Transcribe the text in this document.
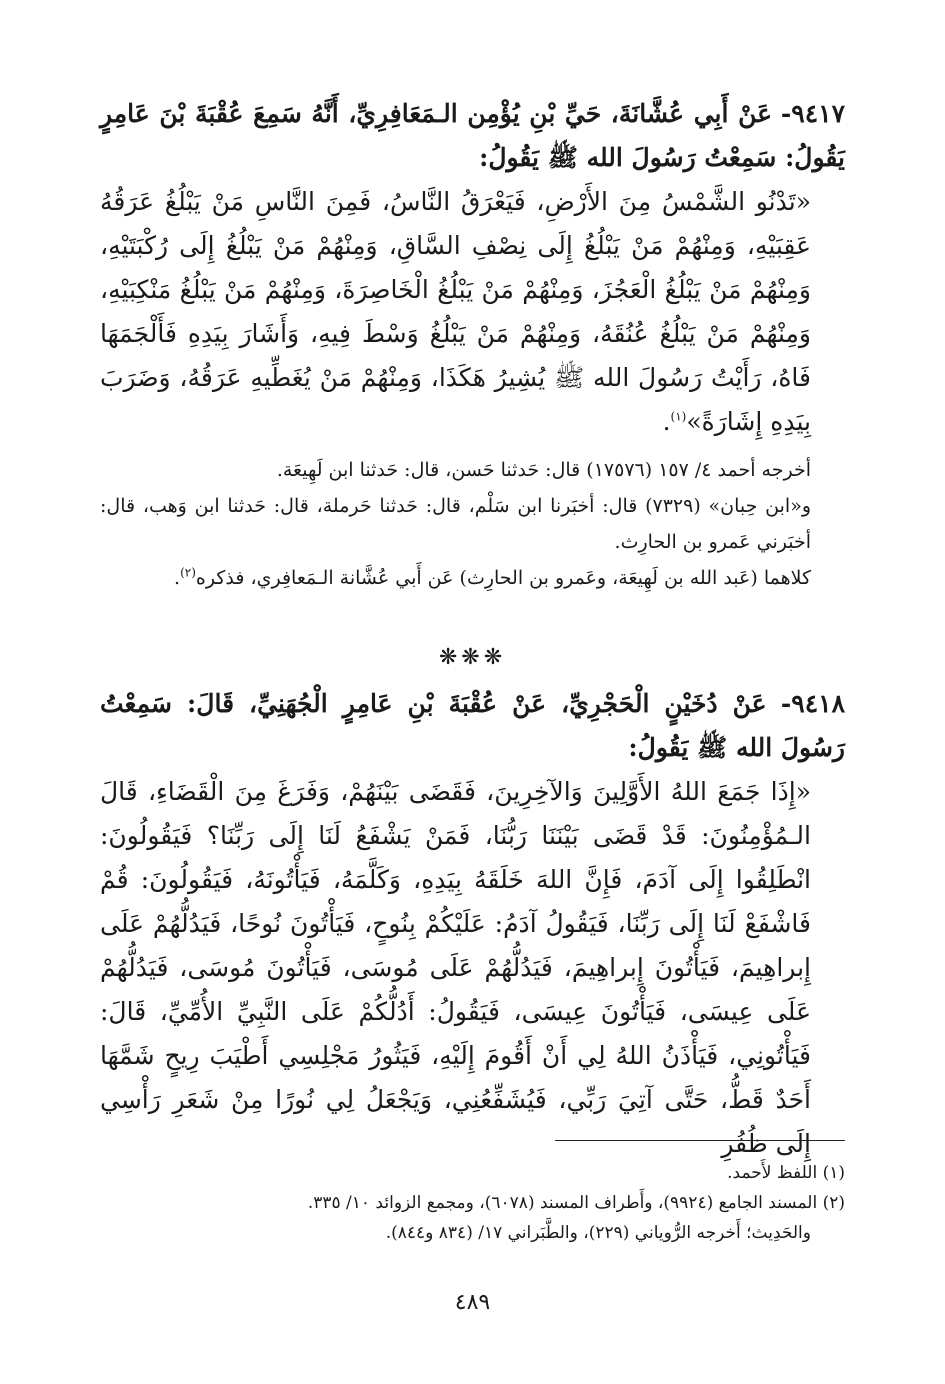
٩٤١٧- عَنْ أَبِي عُشَّانَةَ، حَيِّ بْنِ يُؤْمِن الـمَعَافِرِيِّ، أَنَّهُ سَمِعَ عُقْبَةَ بْنَ عَامِرٍ يَقُولُ: سَمِعْتُ رَسُولَ الله ﷺ يَقُولُ:
«تَدْنُو الشَّمْسُ مِنَ الأَرْضِ، فَيَعْرَقُ النَّاسُ، فَمِنَ النَّاسِ مَنْ يَبْلُغُ عَرَقُهُ عَقِبَيْهِ، وَمِنْهُمْ مَنْ يَبْلُغُ إِلَى نِصْفِ السَّاقِ، وَمِنْهُمْ مَنْ يَبْلُغُ إِلَى رُكْبَتَيْهِ، وَمِنْهُمْ مَنْ يَبْلُغُ الْعَجُزَ، وَمِنْهُمْ مَنْ يَبْلُغُ الْخَاصِرَةَ، وَمِنْهُمْ مَنْ يَبْلُغُ مَنْكِبَيْهِ، وَمِنْهُمْ مَنْ يَبْلُغُ عُنُقَهُ، وَمِنْهُمْ مَنْ يَبْلُغُ وَسْطَ فِيهِ، وَأَشَارَ بِيَدِهِ فَأَلْجَمَهَا فَاهُ، رَأَيْتُ رَسُولَ الله ﷺ يُشِيرُ هَكَذَا، وَمِنْهُمْ مَنْ يُغَطِّيهِ عَرَقُهُ، وَضَرَبَ بِيَدِهِ إِشَارَةً»$^{(١)}$.
أخرجه أحمد ٤/ ١٥٧ (١٧٥٧٦) قال: حَدثنا حَسن، قال: حَدثنا ابن لَهِيعَة.
و«ابن حِبان» (٧٣٢٩) قال: أخبَرنا ابن سَلْم، قال: حَدثنا حَرملة، قال: حَدثنا ابن وَهب، قال: أخبَرني عَمرو بن الحارِث.
كلاهما (عَبد الله بن لَهِيعَة، وعَمرو بن الحارِث) عَن أَبي عُشَّانة الـمَعافِري، فذكره$^{(٢)}$.
❋❋❋
٩٤١٨- عَنْ دُخَيْنٍ الْحَجْرِيِّ، عَنْ عُقْبَةَ بْنِ عَامِرٍ الْجُهَنِيِّ، قَالَ: سَمِعْتُ رَسُولَ الله ﷺ يَقُولُ:
«إِذَا جَمَعَ اللهُ الأَوَّلِينَ وَالآخِرِينَ، فَقَضَى بَيْنَهُمْ، وَفَرَغَ مِنَ الْقَضَاءِ، قَالَ الـمُؤْمِنُونَ: قَدْ قَضَى بَيْنَنَا رَبُّنَا، فَمَنْ يَشْفَعُ لَنَا إِلَى رَبِّنَا؟ فَيَقُولُونَ: انْطَلِقُوا إِلَى آدَمَ، فَإِنَّ اللهَ خَلَقَهُ بِيَدِهِ، وَكَلَّمَهُ، فَيَأْتُونَهُ، فَيَقُولُونَ: قُمْ فَاشْفَعْ لَنَا إِلَى رَبِّنَا، فَيَقُولُ آدَمُ: عَلَيْكُمْ بِنُوحٍ، فَيَأْتُونَ نُوحًا، فَيَدُلُّهُمْ عَلَى إِبراهِيمَ، فَيَأْتُونَ إِبراهِيمَ، فَيَدُلُّهُمْ عَلَى مُوسَى، فَيَأْتُونَ مُوسَى، فَيَدُلُّهُمْ عَلَى عِيسَى، فَيَأْتُونَ عِيسَى، فَيَقُولُ: أَدُلُّكُمْ عَلَى النَّبِيِّ الأُمِّيِّ، قَالَ: فَيَأْتُونِي، فَيَأْذَنُ اللهُ لِي أَنْ أَقُومَ إِلَيْهِ، فَيَثُورُ مَجْلِسِي أَطْيَبَ رِيحٍ شَمَّهَا أَحَدٌ قَطُّ، حَتَّى آتِيَ رَبِّي، فَيُشَفِّعُنِي، وَيَجْعَلُ لِي نُورًا مِنْ شَعَرِ رَأْسِي إِلَى ظُفُرِ
(١) اللفظ لأَحمد.
(٢) المسند الجامع (٩٩٢٤)، وأَطراف المسند (٦٠٧٨)، ومجمع الزوائد ١٠/ ٣٣٥.
والحَدِيث؛ أَخرجه الرُّوياني (٢٢٩)، والطَّبَراني ١٧/ (٨٣٤ و٨٤٤).
٤٨٩
